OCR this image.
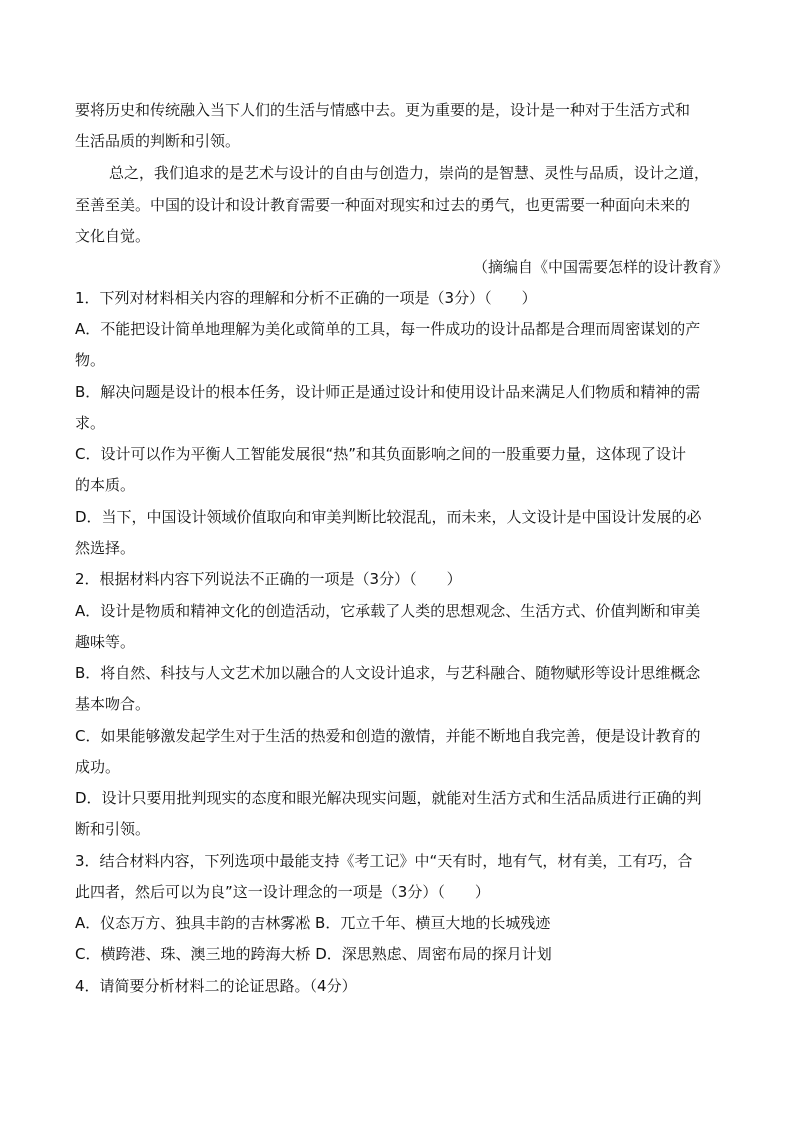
要将历史和传统融入当下人们的生活与情感中去。更为重要的是，设计是一种对于生活方式和
生活品质的判断和引领。
总之，我们追求的是艺术与设计的自由与创造力，崇尚的是智慧、灵性与品质，设计之道，
至善至美。中国的设计和设计教育需要一种面对现实和过去的勇气，也更需要一种面向未来的
文化自觉。
（摘编自《中国需要怎样的设计教育》
1．下列对材料相关内容的理解和分析不正确的一项是（3分）（　　）
A．不能把设计简单地理解为美化或简单的工具，每一件成功的设计品都是合理而周密谋划的产
物。
B．解决问题是设计的根本任务，设计师正是通过设计和使用设计品来满足人们物质和精神的需
求。
C．设计可以作为平衡人工智能发展很“热”和其负面影响之间的一股重要力量，这体现了设计
的本质。
D．当下，中国设计领域价值取向和审美判断比较混乱，而未来，人文设计是中国设计发展的必
然选择。
2．根据材料内容下列说法不正确的一项是（3分）（　　）
A．设计是物质和精神文化的创造活动，它承载了人类的思想观念、生活方式、价值判断和审美
趣味等。
B．将自然、科技与人文艺术加以融合的人文设计追求，与艺科融合、随物赋形等设计思维概念
基本吻合。
C．如果能够激发起学生对于生活的热爱和创造的激情，并能不断地自我完善，便是设计教育的
成功。
D．设计只要用批判现实的态度和眼光解决现实问题，就能对生活方式和生活品质进行正确的判
断和引领。
3．结合材料内容，下列选项中最能支持《考工记》中“天有时，地有气，材有美，工有巧，合
此四者，然后可以为良”这一设计理念的一项是（3分）（　　）
A．仪态万方、独具丰韵的吉林雾凇 B．兀立千年、横亘大地的长城残迹
C．横跨港、珠、澳三地的跨海大桥 D．深思熟虑、周密布局的探月计划
4．请简要分析材料二的论证思路。（4分）
